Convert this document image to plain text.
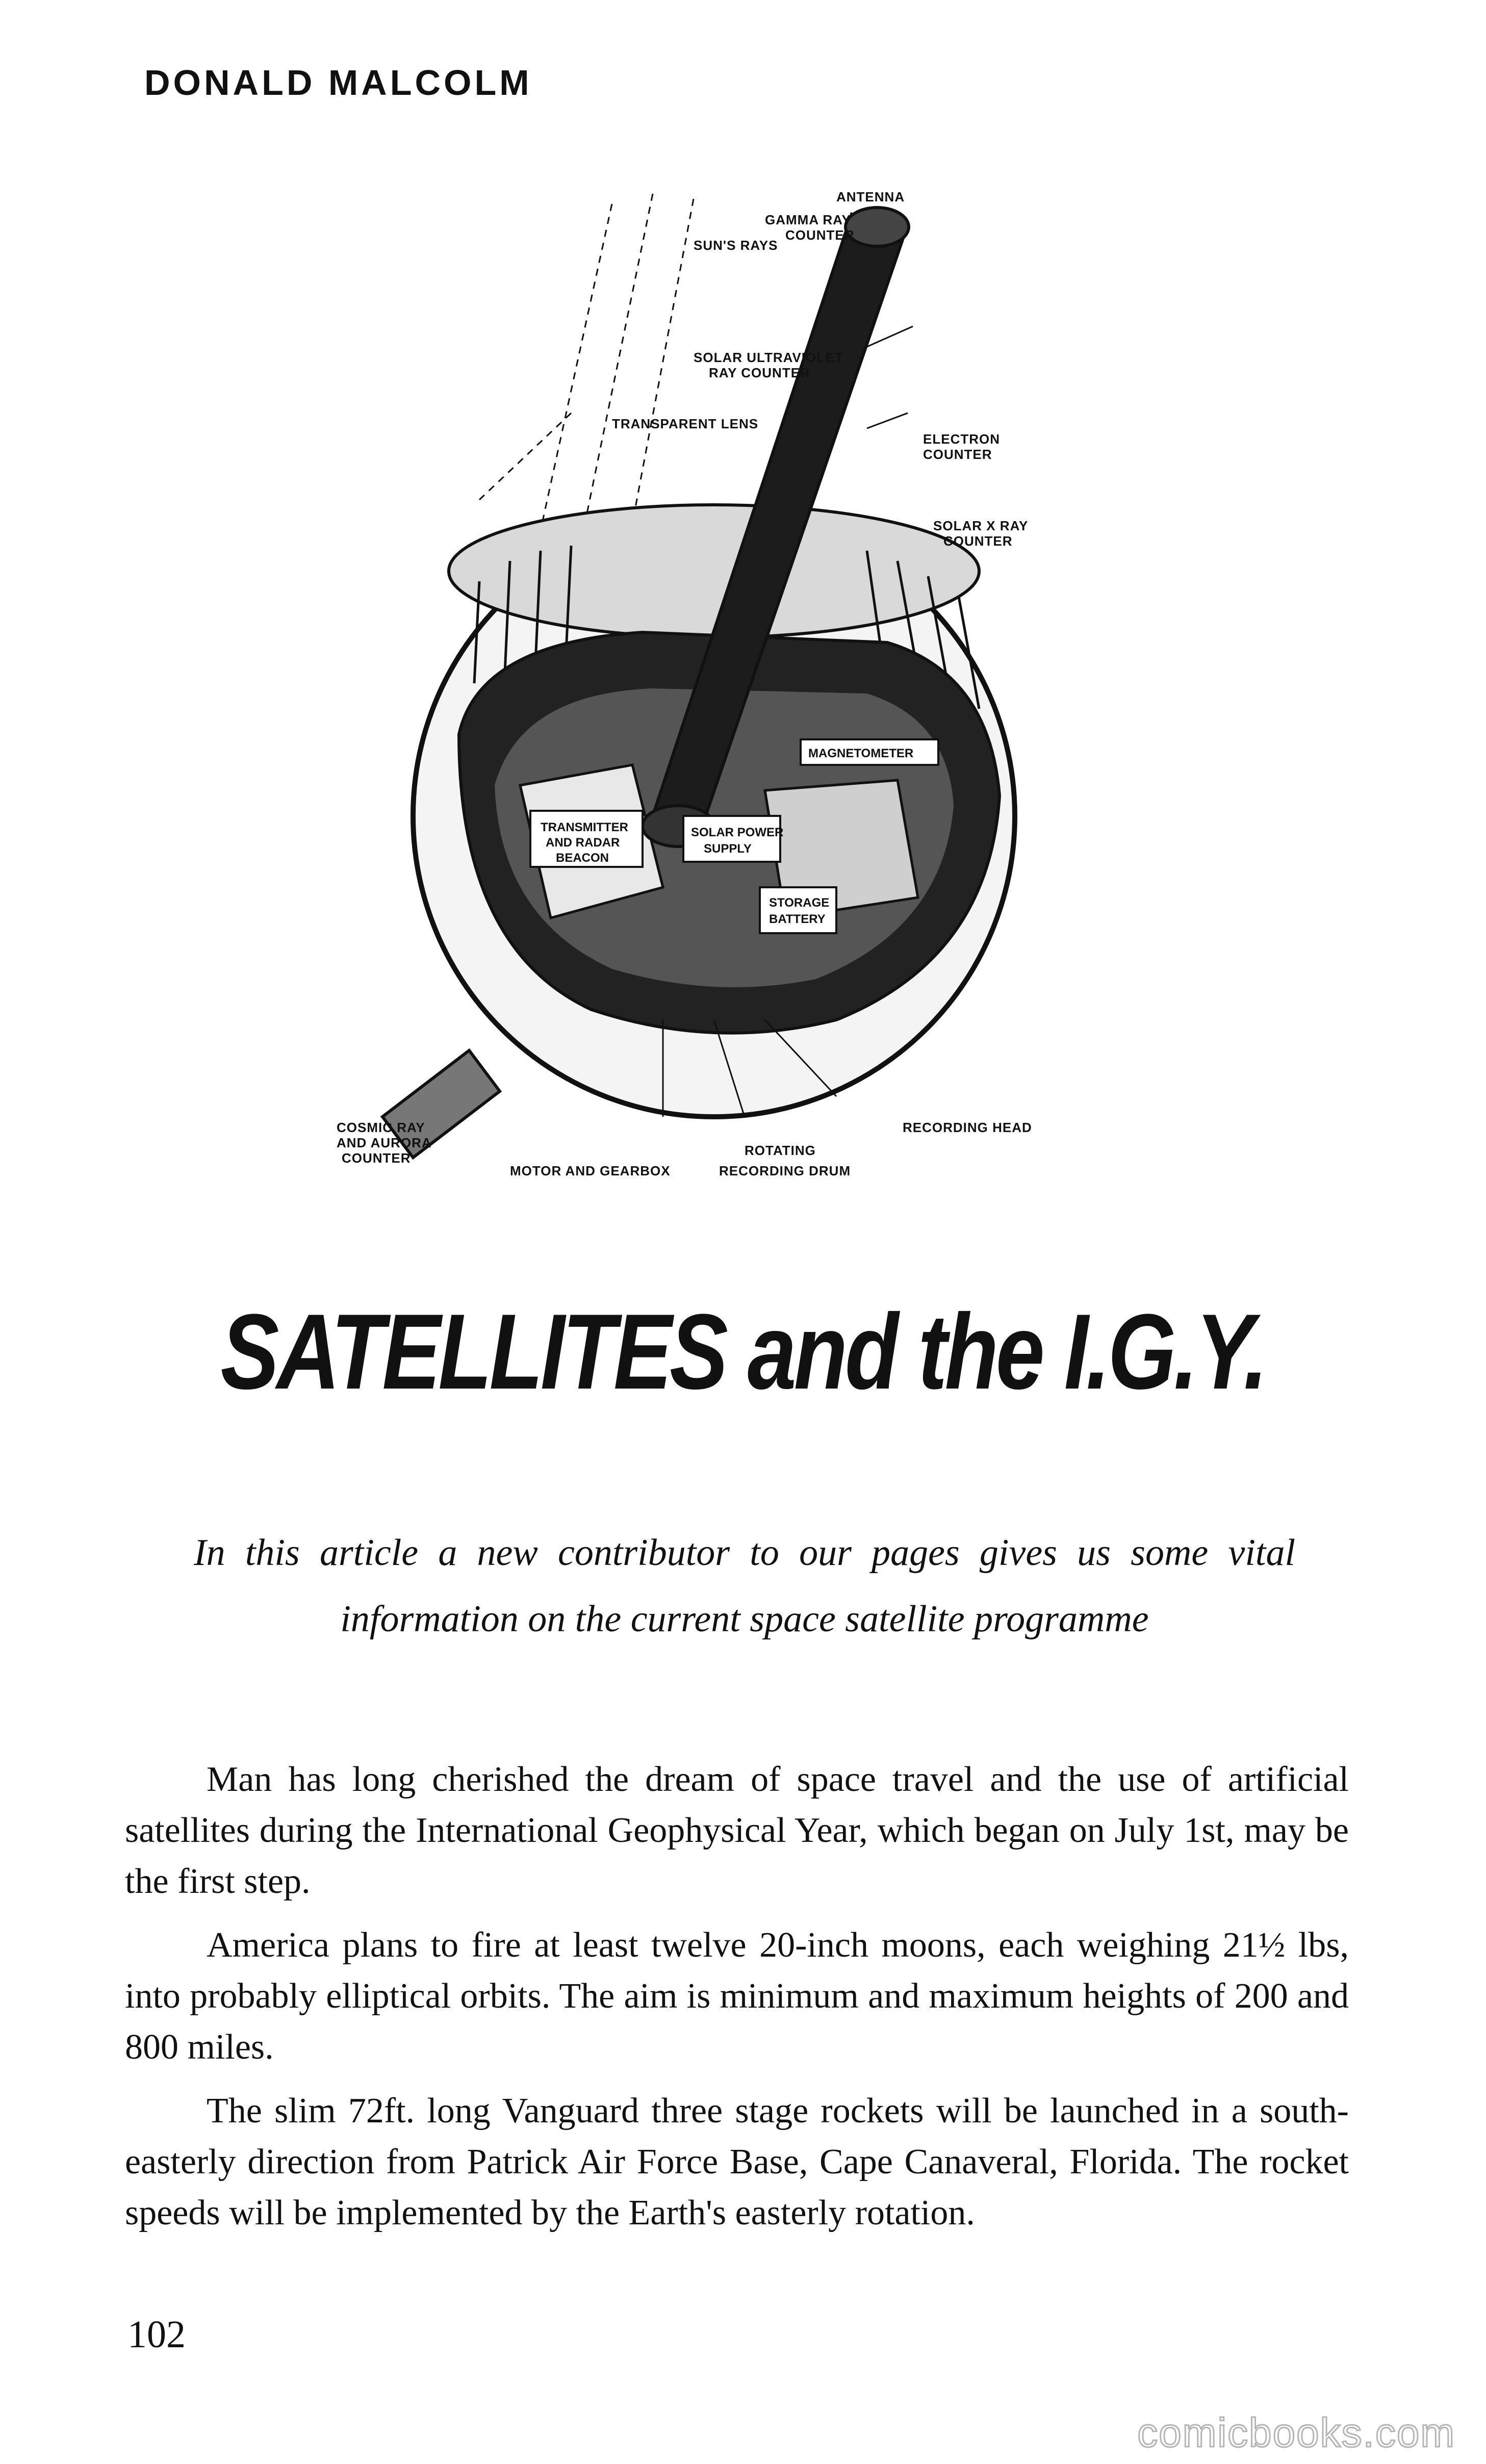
DONALD MALCOLM
ANTENNA
GAMMA RAY
COUNTER
SUN'S RAYS
SOLAR ULTRAVIOLET
RAY COUNTER
TRANSPARENT LENS
ELECTRON
COUNTER
SOLAR X RAY
COUNTER
MAGNETOMETER
TRANSMITTER
AND RADAR
BEACON
SOLAR POWER
SUPPLY
STORAGE
BATTERY
COSMIC RAY
AND AURORA
COUNTER
MOTOR AND GEARBOX
ROTATING
RECORDING DRUM
RECORDING HEAD
SATELLITES and the I.G.Y.
In this article a new contributor to our pages gives us some vital information on the current space satellite programme

Man has long cherished the dream of space travel and the use of artificial satellites during the International Geophysical Year, which began on July 1st, may be the first step.

America plans to fire at least twelve 20-inch moons, each weighing 21½ lbs, into probably elliptical orbits. The aim is minimum and maximum heights of 200 and 800 miles.

The slim 72ft. long Vanguard three stage rockets will be launched in a south-easterly direction from Patrick Air Force Base, Cape Canaveral, Florida. The rocket speeds will be implemented by the Earth's easterly rotation.

102
comicbooks.com
